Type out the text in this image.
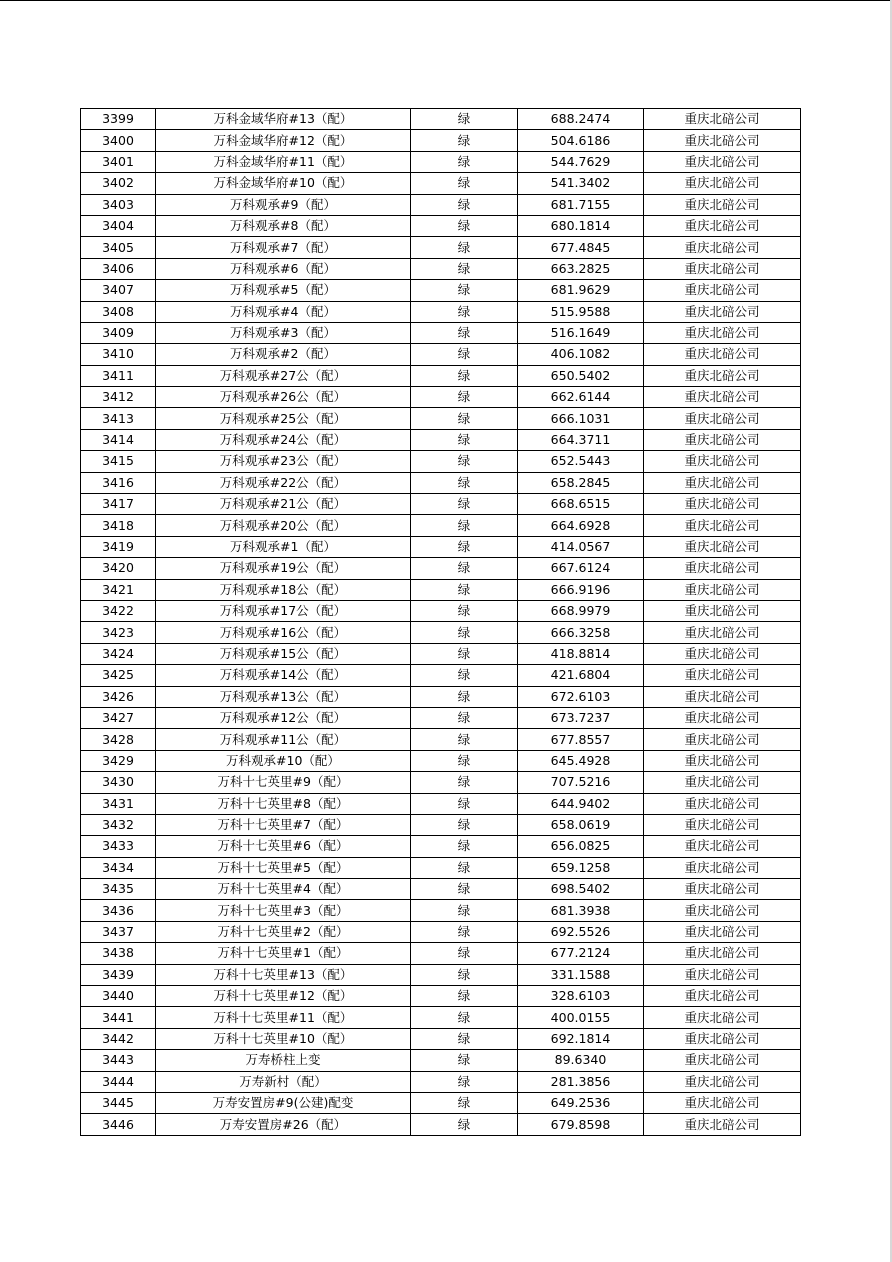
3399	万科金域华府#13（配）	绿	688.2474	重庆北碚公司
3400	万科金域华府#12（配）	绿	504.6186	重庆北碚公司
3401	万科金域华府#11（配）	绿	544.7629	重庆北碚公司
3402	万科金域华府#10（配）	绿	541.3402	重庆北碚公司
3403	万科观承#9（配）	绿	681.7155	重庆北碚公司
3404	万科观承#8（配）	绿	680.1814	重庆北碚公司
3405	万科观承#7（配）	绿	677.4845	重庆北碚公司
3406	万科观承#6（配）	绿	663.2825	重庆北碚公司
3407	万科观承#5（配）	绿	681.9629	重庆北碚公司
3408	万科观承#4（配）	绿	515.9588	重庆北碚公司
3409	万科观承#3（配）	绿	516.1649	重庆北碚公司
3410	万科观承#2（配）	绿	406.1082	重庆北碚公司
3411	万科观承#27公（配）	绿	650.5402	重庆北碚公司
3412	万科观承#26公（配）	绿	662.6144	重庆北碚公司
3413	万科观承#25公（配）	绿	666.1031	重庆北碚公司
3414	万科观承#24公（配）	绿	664.3711	重庆北碚公司
3415	万科观承#23公（配）	绿	652.5443	重庆北碚公司
3416	万科观承#22公（配）	绿	658.2845	重庆北碚公司
3417	万科观承#21公（配）	绿	668.6515	重庆北碚公司
3418	万科观承#20公（配）	绿	664.6928	重庆北碚公司
3419	万科观承#1（配）	绿	414.0567	重庆北碚公司
3420	万科观承#19公（配）	绿	667.6124	重庆北碚公司
3421	万科观承#18公（配）	绿	666.9196	重庆北碚公司
3422	万科观承#17公（配）	绿	668.9979	重庆北碚公司
3423	万科观承#16公（配）	绿	666.3258	重庆北碚公司
3424	万科观承#15公（配）	绿	418.8814	重庆北碚公司
3425	万科观承#14公（配）	绿	421.6804	重庆北碚公司
3426	万科观承#13公（配）	绿	672.6103	重庆北碚公司
3427	万科观承#12公（配）	绿	673.7237	重庆北碚公司
3428	万科观承#11公（配）	绿	677.8557	重庆北碚公司
3429	万科观承#10（配）	绿	645.4928	重庆北碚公司
3430	万科十七英里#9（配）	绿	707.5216	重庆北碚公司
3431	万科十七英里#8（配）	绿	644.9402	重庆北碚公司
3432	万科十七英里#7（配）	绿	658.0619	重庆北碚公司
3433	万科十七英里#6（配）	绿	656.0825	重庆北碚公司
3434	万科十七英里#5（配）	绿	659.1258	重庆北碚公司
3435	万科十七英里#4（配）	绿	698.5402	重庆北碚公司
3436	万科十七英里#3（配）	绿	681.3938	重庆北碚公司
3437	万科十七英里#2（配）	绿	692.5526	重庆北碚公司
3438	万科十七英里#1（配）	绿	677.2124	重庆北碚公司
3439	万科十七英里#13（配）	绿	331.1588	重庆北碚公司
3440	万科十七英里#12（配）	绿	328.6103	重庆北碚公司
3441	万科十七英里#11（配）	绿	400.0155	重庆北碚公司
3442	万科十七英里#10（配）	绿	692.1814	重庆北碚公司
3443	万寿桥柱上变	绿	89.6340	重庆北碚公司
3444	万寿新村（配）	绿	281.3856	重庆北碚公司
3445	万寿安置房#9(公建)配变	绿	649.2536	重庆北碚公司
3446	万寿安置房#26（配）	绿	679.8598	重庆北碚公司
